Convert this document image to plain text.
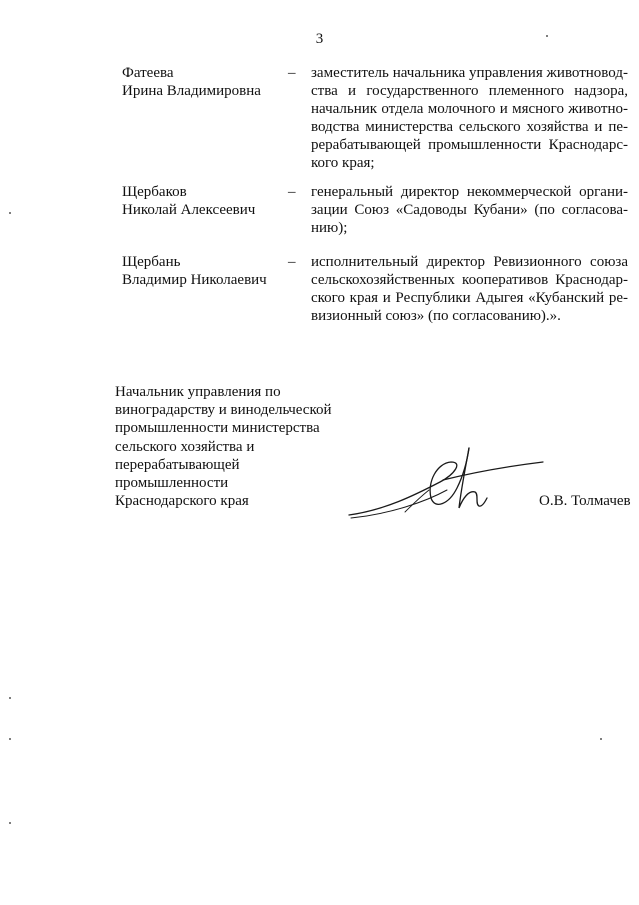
3
Фатеева
Ирина Владимировна
– заместитель начальника управления животновод-
ства и государственного племенного надзора,
начальник отдела молочного и мясного животно-
водства министерства сельского хозяйства и пе-
рерабатывающей промышленности Краснодарс-
кого края;
Щербаков
Николай Алексеевич
– генеральный директор некоммерческой органи-
зации Союз «Садоводы Кубани» (по согласова-
нию);
Щербань
Владимир Николаевич
– исполнительный директор Ревизионного союза
сельскохозяйственных кооперативов Краснодар-
ского края и Республики Адыгея «Кубанский ре-
визионный союз» (по согласованию).».
Начальник управления по
виноградарству и винодельческой
промышленности министерства
сельского хозяйства и
перерабатывающей
промышленности
Краснодарского края	О.В. Толмачев
